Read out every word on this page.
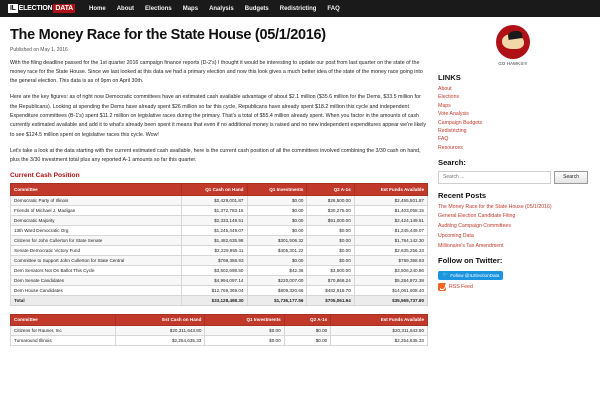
IL ELECTION DATA	Home About Elections Maps Analysis Budgets Redistricting FAQ
The Money Race for the State House (05/1/2016)
Published on May 1, 2016

With the filing deadline passed for the 1st quarter 2016 campaign finance reports (D-2's) I thought it would be interesting to update our post from last quarter on the state of the money race for the State House. Since we last looked at this data we had a primary election and now this look gives a much better idea of the state of the money race going into the general election. This data is as of 9pm on April 30th.

Here are the key figures: as of right now Democratic committees have an estimated cash available advantage of about $2.1 million ($35.6 million for the Dems, $33.5 million for the Republicans). Looking at spending the Dems have already spent $26 million so far this cycle, Republicans have already spent $18.2 million this cycle and independent Expenditure committees (B-1's) spent $11.2 million on legislative races during the primary. That's a total of $55.4 million already spent. When you factor in the amounts of cash currently estimated available and add it to what's already been spent it means that even if no additional money is raised and no new independent expenditures appear we're likely to see $124.5 million spent on legislative races this cycle. Wow!

Let's take a look at the data starting with the current estimated cash available, here is the current cash position of all the committees involved combining the 3/30 cash on hand, plus the 3/30 investment total plus any reported A-1 amounts so far this quarter.

Current Cash Position
Committee	Q1 Cash on Hand	Q1 Investments	Q2 A-1s	Est Funds Available
Democratic Party of Illinois	$2,429,001.87	$0.00	$26,500.00	$2,455,501.87
Friends of Michael J. Madigan	$1,372,783.15	$0.00	$30,275.00	$1,403,058.15
Democratic Majority	$2,333,149.51	$0.00	$91,000.00	$2,424,149.51
13th Ward Democratic Org	$1,245,449.07	$0.00	$0.00	$1,245,449.07
Citizens for John Cullerton for State Senate	$1,482,635.98	$301,506.32	$0.00	$1,784,142.30
Senate Democratic Victory Fund	$2,229,955.11	$405,301.22	$0.00	$2,635,256.33
Committee to Support John Cullerton for State Central	$769,358.93	$0.00	$0.00	$769,358.93
Dem Senators Not On Ballot This Cycle	$3,502,698.50	$42.36	$3,500.00	$3,506,240.86
Dem Senate Candidates	$4,994,097.14	$220,007.00	$70,868.24	$5,284,972.38
Dem House Candidates	$12,769,369.04	$809,320.66	$482,918.70	$14,061,608.40
Total	$33,128,498.30	$1,736,177.56	$705,061.94	$35,569,737.80
Committee	Est Cash on Hand	Q1 Investments	Q2 A-1s	Est Funds Available
Citizens for Rauner, Inc	$20,311,643.80	$0.00	$0.00	$20,311,643.80
Turnaround Illinois	$2,254,635.33	$0.00	$0.00	$2,254,635.33
GO HAWKS!!!
LINKS
About
Elections
Maps
Vote Analysis
Campaign Budgets
Redistricting
FAQ
Resources
Search:
Search ...
Search
Recent Posts
The Money Race for the State House (05/1/2016)
General Election Candidate Filing
Auditing Campaign Committees
Upcoming Data
Millionaire's Tax Amendment
Follow on Twitter:
🐦 Follow @ILElectionData
RSS Feed
